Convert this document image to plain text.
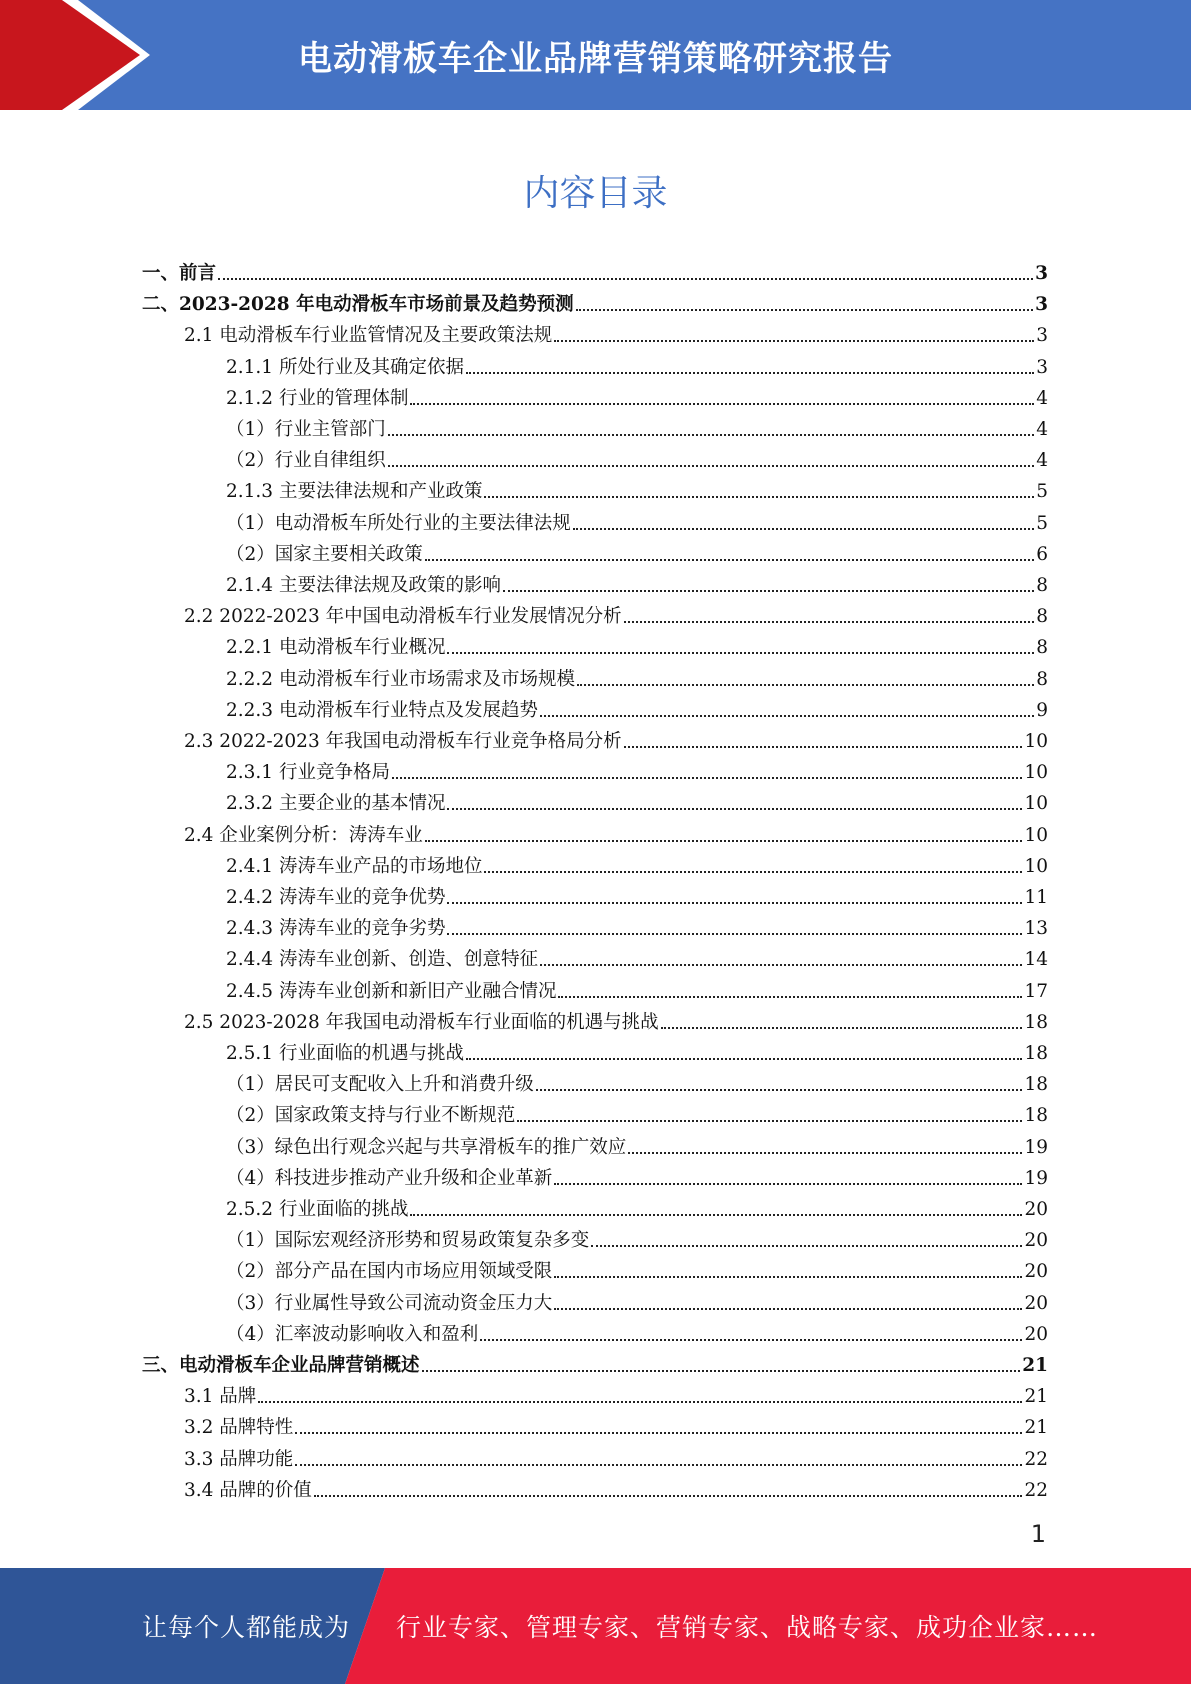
电动滑板车企业品牌营销策略研究报告
内容目录
一、前言	3
二、2023-2028 年电动滑板车市场前景及趋势预测	3
2.1 电动滑板车行业监管情况及主要政策法规	3
2.1.1 所处行业及其确定依据	3
2.1.2 行业的管理体制	4
（1）行业主管部门	4
（2）行业自律组织	4
2.1.3 主要法律法规和产业政策	5
（1）电动滑板车所处行业的主要法律法规	5
（2）国家主要相关政策	6
2.1.4 主要法律法规及政策的影响	8
2.2 2022-2023 年中国电动滑板车行业发展情况分析	8
2.2.1 电动滑板车行业概况	8
2.2.2 电动滑板车行业市场需求及市场规模	8
2.2.3 电动滑板车行业特点及发展趋势	9
2.3 2022-2023 年我国电动滑板车行业竞争格局分析	10
2.3.1 行业竞争格局	10
2.3.2 主要企业的基本情况	10
2.4 企业案例分析：涛涛车业	10
2.4.1 涛涛车业产品的市场地位	10
2.4.2 涛涛车业的竞争优势	11
2.4.3 涛涛车业的竞争劣势	13
2.4.4 涛涛车业创新、创造、创意特征	14
2.4.5 涛涛车业创新和新旧产业融合情况	17
2.5 2023-2028 年我国电动滑板车行业面临的机遇与挑战	18
2.5.1 行业面临的机遇与挑战	18
（1）居民可支配收入上升和消费升级	18
（2）国家政策支持与行业不断规范	18
（3）绿色出行观念兴起与共享滑板车的推广效应	19
（4）科技进步推动产业升级和企业革新	19
2.5.2 行业面临的挑战	20
（1）国际宏观经济形势和贸易政策复杂多变	20
（2）部分产品在国内市场应用领域受限	20
（3）行业属性导致公司流动资金压力大	20
（4）汇率波动影响收入和盈利	20
三、电动滑板车企业品牌营销概述	21
3.1 品牌	21
3.2 品牌特性	21
3.3 品牌功能	22
3.4 品牌的价值	22
1
让每个人都能成为 行业专家、管理专家、营销专家、战略专家、成功企业家……
